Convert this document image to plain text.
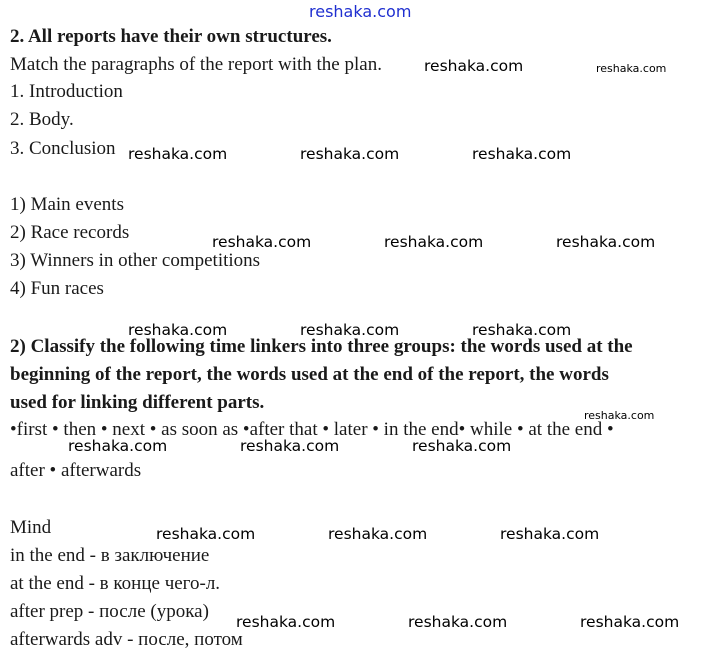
reshaka.com
2. All reports have their own structures.
Match the paragraphs of the report with the plan.
1. Introduction
2. Body.
3. Conclusion
1) Main events
2) Race records
3) Winners in other competitions
4) Fun races
2) Classify the following time linkers into three groups: the words used at the
beginning of the report, the words used at the end of the report, the words
used for linking different parts.
•first • then • next • as soon as •after that • later • in the end• while • at the end •
after • afterwards
Mind
in the end - в заключение
at the end - в конце чего-л.
after prep - после (урока)
afterwards adv - после, потом
reshaka.com	reshaka.com
reshaka.com	reshaka.com	reshaka.com
reshaka.com	reshaka.com	reshaka.com
reshaka.com	reshaka.com	reshaka.com
reshaka.com
reshaka.com	reshaka.com	reshaka.com
reshaka.com	reshaka.com	reshaka.com
reshaka.com	reshaka.com	reshaka.com
